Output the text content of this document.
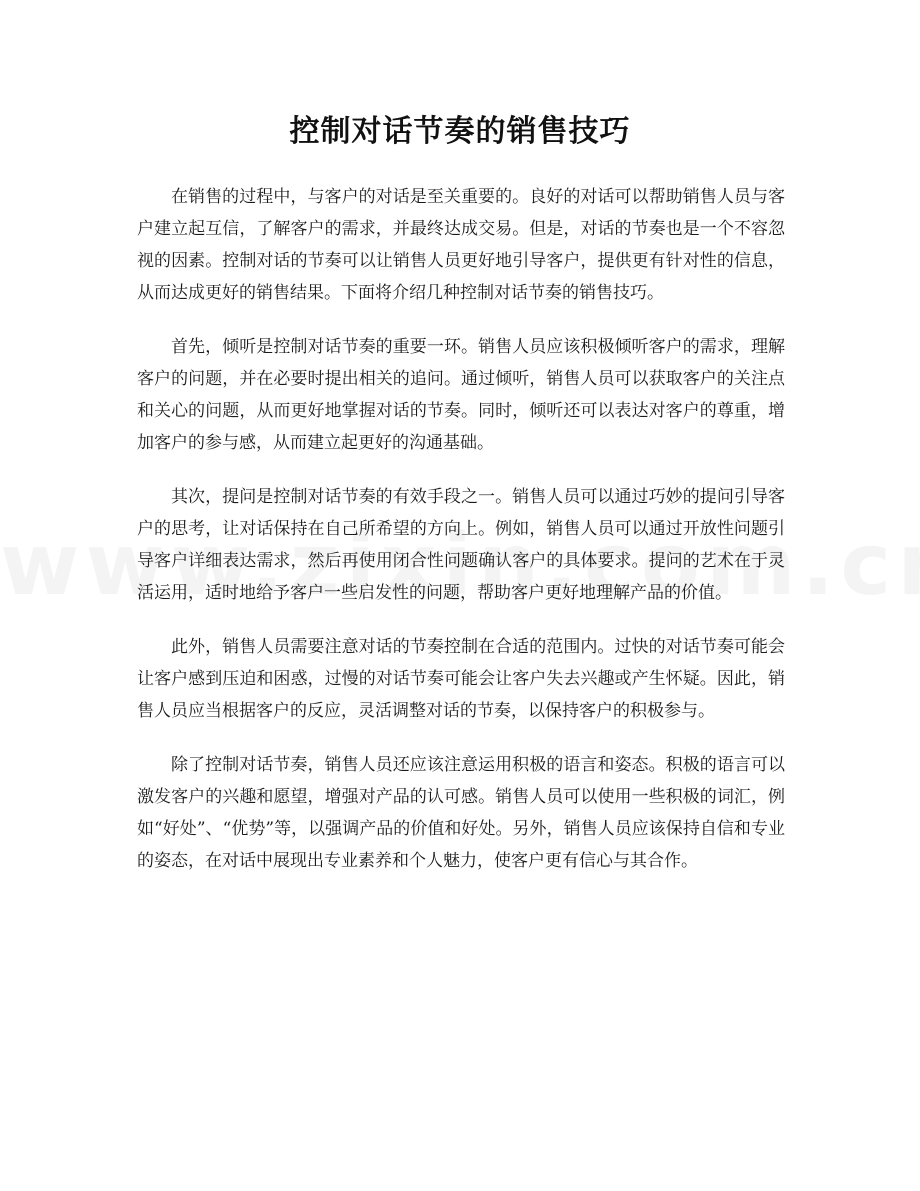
控制对话节奏的销售技巧

在销售的过程中，与客户的对话是至关重要的。良好的对话可以帮助销售人员与客户建立起互信，了解客户的需求，并最终达成交易。但是，对话的节奏也是一个不容忽视的因素。控制对话的节奏可以让销售人员更好地引导客户，提供更有针对性的信息，从而达成更好的销售结果。下面将介绍几种控制对话节奏的销售技巧。

首先，倾听是控制对话节奏的重要一环。销售人员应该积极倾听客户的需求，理解客户的问题，并在必要时提出相关的追问。通过倾听，销售人员可以获取客户的关注点和关心的问题，从而更好地掌握对话的节奏。同时，倾听还可以表达对客户的尊重，增加客户的参与感，从而建立起更好的沟通基础。

其次，提问是控制对话节奏的有效手段之一。销售人员可以通过巧妙的提问引导客户的思考，让对话保持在自己所希望的方向上。例如，销售人员可以通过开放性问题引导客户详细表达需求，然后再使用闭合性问题确认客户的具体要求。提问的艺术在于灵活运用，适时地给予客户一些启发性的问题，帮助客户更好地理解产品的价值。

此外，销售人员需要注意对话的节奏控制在合适的范围内。过快的对话节奏可能会让客户感到压迫和困惑，过慢的对话节奏可能会让客户失去兴趣或产生怀疑。因此，销售人员应当根据客户的反应，灵活调整对话的节奏，以保持客户的积极参与。

除了控制对话节奏，销售人员还应该注意运用积极的语言和姿态。积极的语言可以激发客户的兴趣和愿望，增强对产品的认可感。销售人员可以使用一些积极的词汇，例如“好处”、“优势”等，以强调产品的价值和好处。另外，销售人员应该保持自信和专业的姿态，在对话中展现出专业素养和个人魅力，使客户更有信心与其合作。
